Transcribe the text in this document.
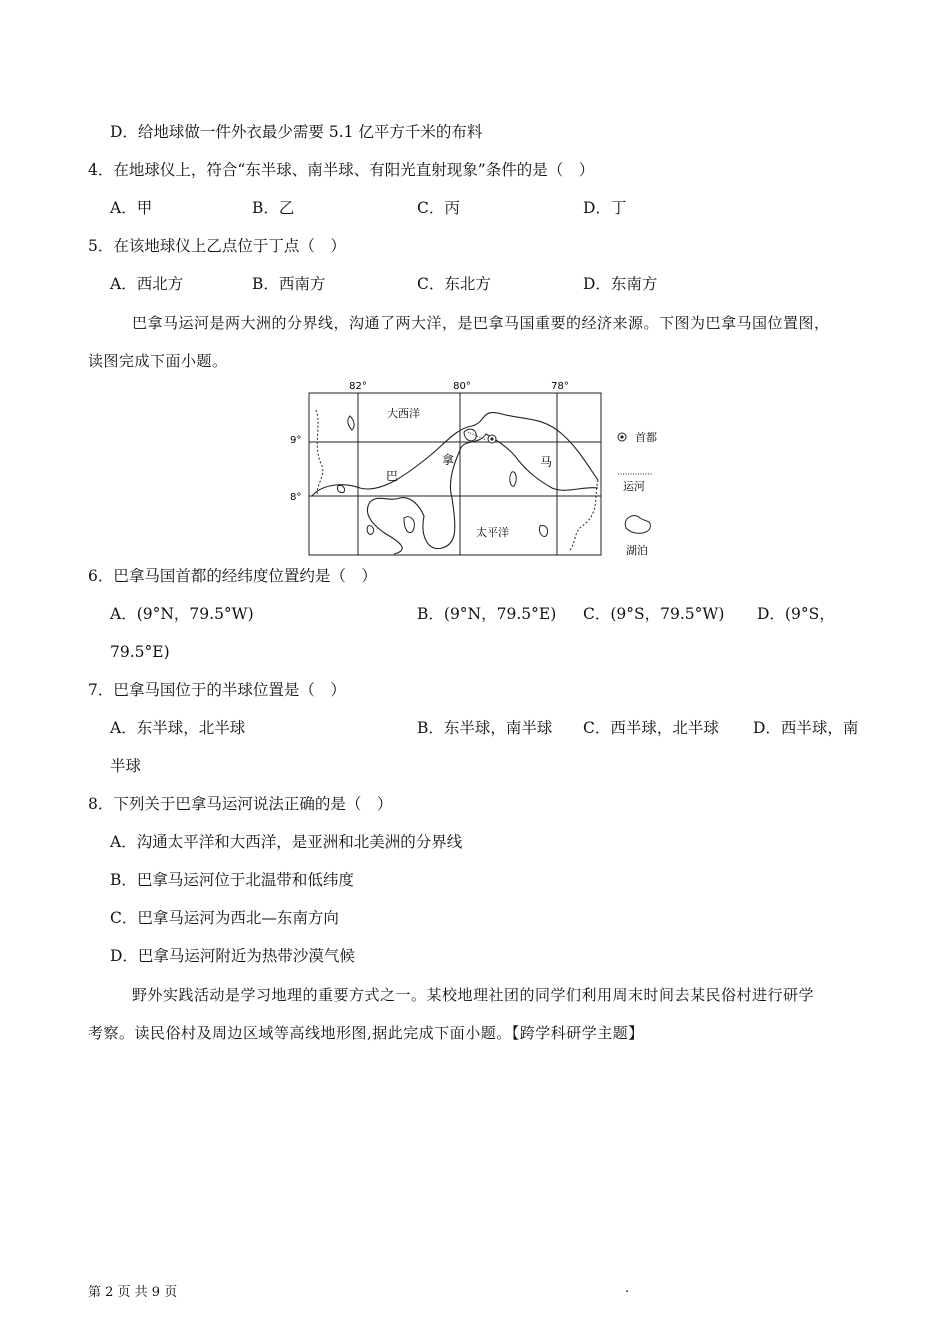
D．给地球做一件外衣最少需要 5.1 亿平方千米的布料
4．在地球仪上，符合“东半球、南半球、有阳光直射现象”条件的是（　）
A．甲	B．乙	C．丙	D．丁
5．在该地球仪上乙点位于丁点（　）
A．西北方	B．西南方	C．东北方	D．东南方
巴拿马运河是两大洲的分界线，沟通了两大洋，是巴拿马国重要的经济来源。下图为巴拿马国位置图，
读图完成下面小题。
82°	80°	78°
9°
8°
大西洋
太平洋
巴
拿	马
首都
运河
湖泊
6．巴拿马国首都的经纬度位置约是（　）
A．(9°N，79.5°W)	B．(9°N，79.5°E) C．(9°S，79.5°W) D．(9°S，
79.5°E)
7．巴拿马国位于的半球位置是（　）
A．东半球，北半球	B．东半球，南半球 C．西半球，北半球 D．西半球，南
半球
8．下列关于巴拿马运河说法正确的是（　）
A．沟通太平洋和大西洋，是亚洲和北美洲的分界线
B．巴拿马运河位于北温带和低纬度
C．巴拿马运河为西北—东南方向
D．巴拿马运河附近为热带沙漠气候
野外实践活动是学习地理的重要方式之一。某校地理社团的同学们利用周末时间去某民俗村进行研学
考察。读民俗村及周边区域等高线地形图,据此完成下面小题。【跨学科研学主题】
第 2 页 共 9 页	.
